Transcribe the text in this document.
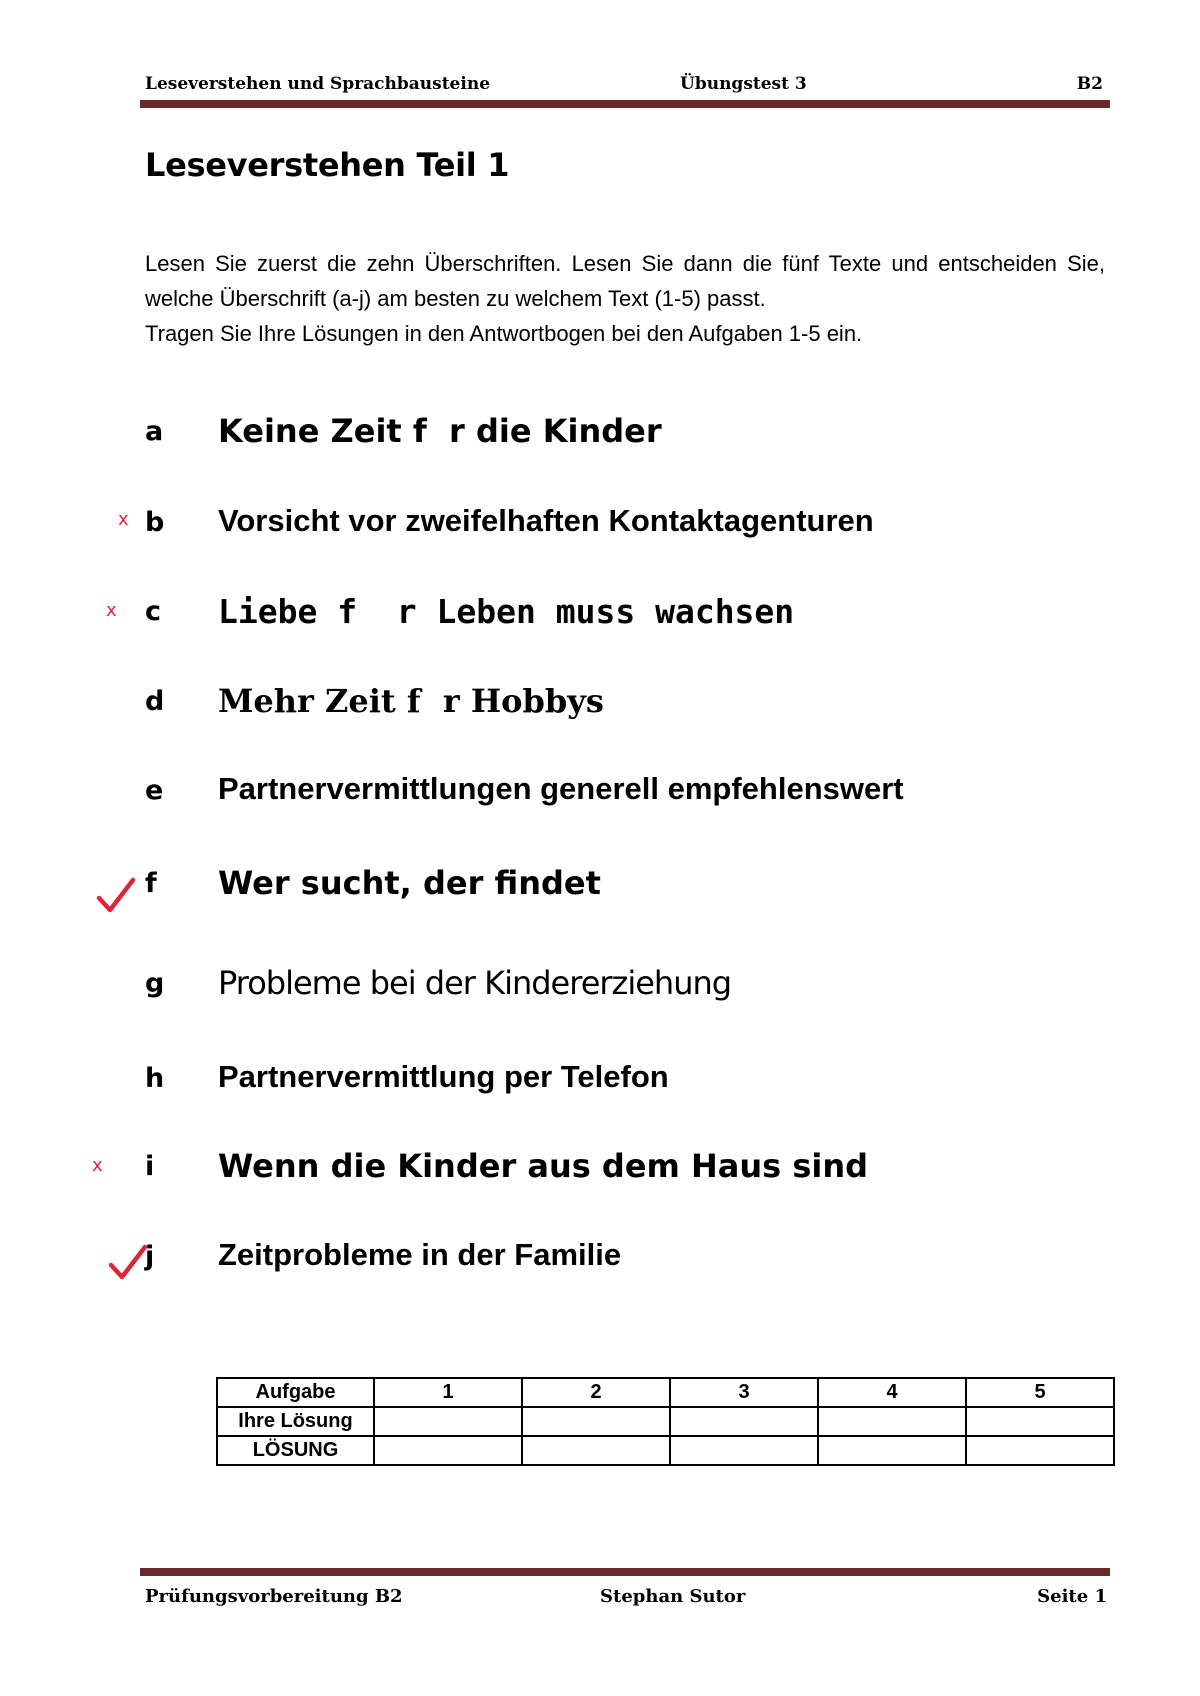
Leseverstehen und Sprachbausteine	Übungstest 3	B2
Leseverstehen Teil 1

Lesen Sie zuerst die zehn Überschriften. Lesen Sie dann die fünf Texte und entscheiden Sie, welche Überschrift (a-j) am besten zu welchem Text (1-5) passt.

Tragen Sie Ihre Lösungen in den Antwortbogen bei den Aufgaben 1-5 ein.

a Keine Zeit f  r die Kinder
x b Vorsicht vor zweifelhaften Kontaktagenturen
x c Liebe f  r Leben muss wachsen
d Mehr Zeit f  r Hobbys
e Partnervermittlungen generell empfehlenswert
f Wer sucht, der findet
g Probleme bei der Kindererziehung
h Partnervermittlung per Telefon
x i Wenn die Kinder aus dem Haus sind
j Zeitprobleme in der Familie
Aufgabe	1	2	3	4	5
Ihre Lösung					
LÖSUNG					
Prüfungsvorbereitung B2	Stephan Sutor	Seite 1
